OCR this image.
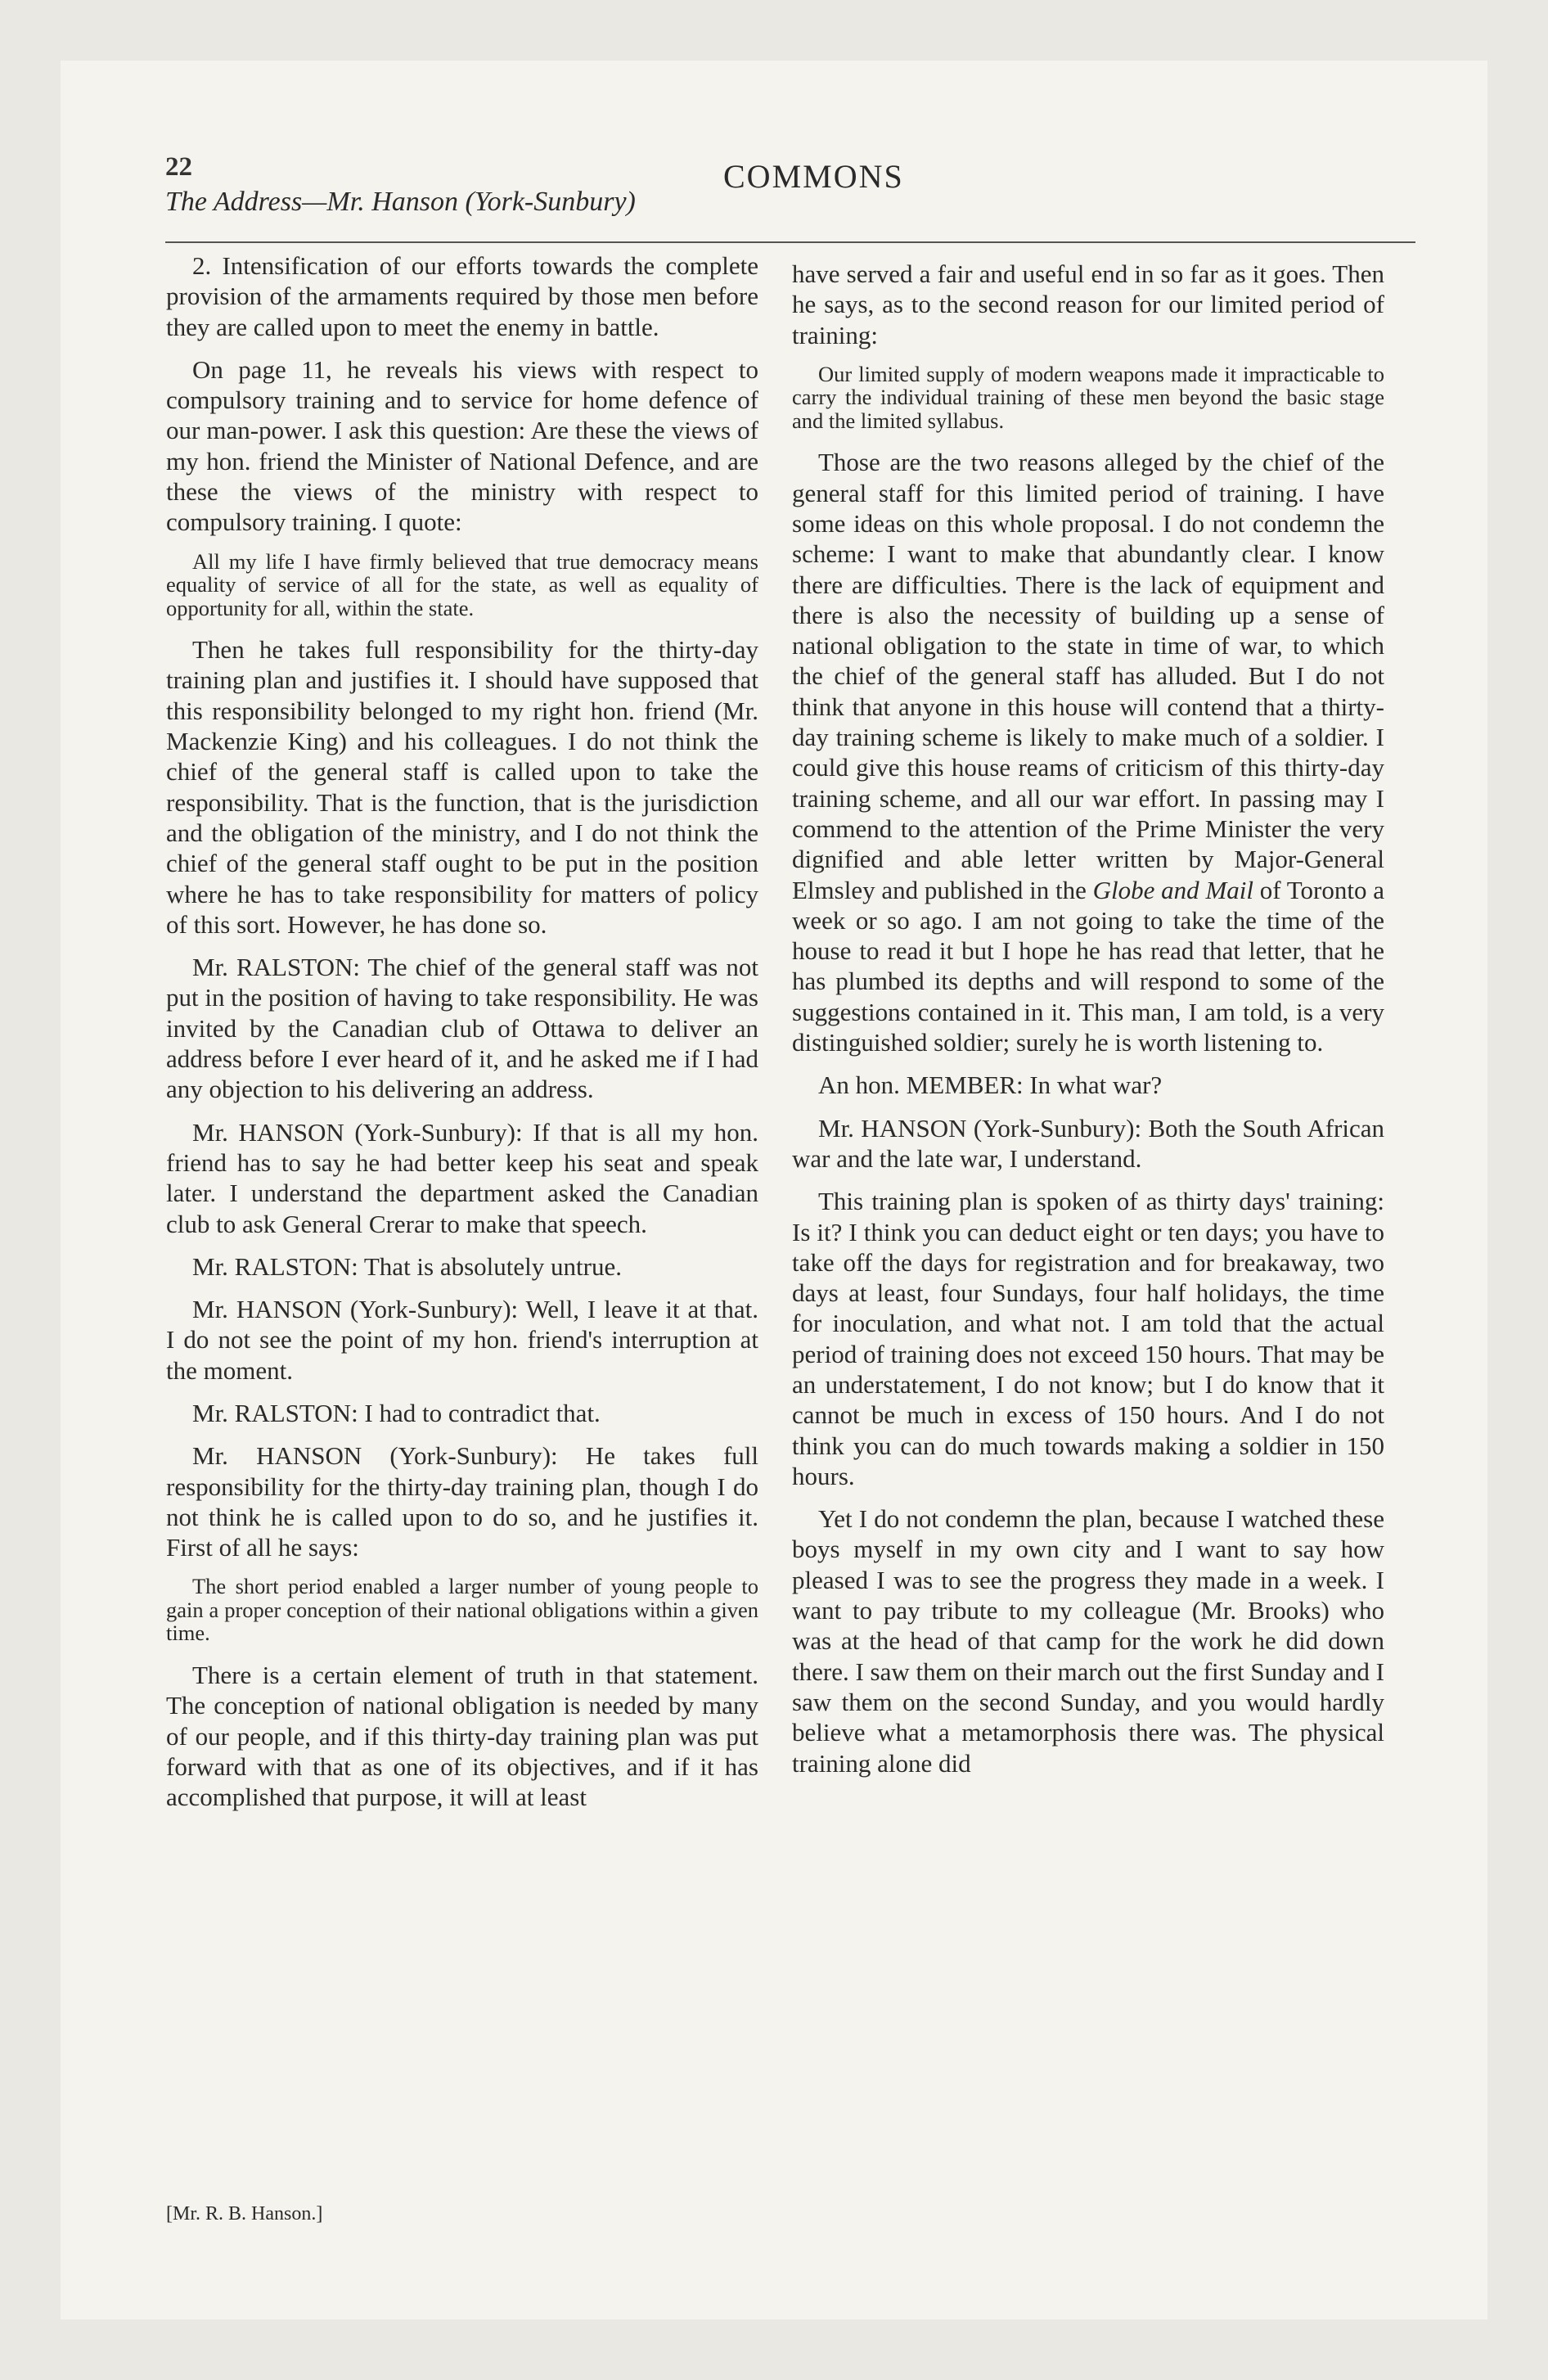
22	COMMONS
The Address—Mr. Hanson (York-Sunbury)

2. Intensification of our efforts towards the complete provision of the armaments required by those men before they are called upon to meet the enemy in battle.

On page 11, he reveals his views with respect to compulsory training and to service for home defence of our man-power. I ask this question: Are these the views of my hon. friend the Minister of National Defence, and are these the views of the ministry with respect to compulsory training. I quote:

All my life I have firmly believed that true democracy means equality of service of all for the state, as well as equality of opportunity for all, within the state.

Then he takes full responsibility for the thirty-day training plan and justifies it. I should have supposed that this responsibility belonged to my right hon. friend (Mr. Mackenzie King) and his colleagues. I do not think the chief of the general staff is called upon to take the responsibility. That is the function, that is the jurisdiction and the obligation of the ministry, and I do not think the chief of the general staff ought to be put in the position where he has to take responsibility for matters of policy of this sort. However, he has done so.

Mr. RALSTON: The chief of the general staff was not put in the position of having to take responsibility. He was invited by the Canadian club of Ottawa to deliver an address before I ever heard of it, and he asked me if I had any objection to his delivering an address.

Mr. HANSON (York-Sunbury): If that is all my hon. friend has to say he had better keep his seat and speak later. I understand the department asked the Canadian club to ask General Crerar to make that speech.

Mr. RALSTON: That is absolutely untrue.

Mr. HANSON (York-Sunbury): Well, I leave it at that. I do not see the point of my hon. friend's interruption at the moment.

Mr. RALSTON: I had to contradict that.

Mr. HANSON (York-Sunbury): He takes full responsibility for the thirty-day training plan, though I do not think he is called upon to do so, and he justifies it. First of all he says:

The short period enabled a larger number of young people to gain a proper conception of their national obligations within a given time.

There is a certain element of truth in that statement. The conception of national obligation is needed by many of our people, and if this thirty-day training plan was put forward with that as one of its objectives, and if it has accomplished that purpose, it will at least

have served a fair and useful end in so far as it goes. Then he says, as to the second reason for our limited period of training:

Our limited supply of modern weapons made it impracticable to carry the individual training of these men beyond the basic stage and the limited syllabus.

Those are the two reasons alleged by the chief of the general staff for this limited period of training. I have some ideas on this whole proposal. I do not condemn the scheme: I want to make that abundantly clear. I know there are difficulties. There is the lack of equipment and there is also the necessity of building up a sense of national obligation to the state in time of war, to which the chief of the general staff has alluded. But I do not think that anyone in this house will contend that a thirty-day training scheme is likely to make much of a soldier. I could give this house reams of criticism of this thirty-day training scheme, and all our war effort. In passing may I commend to the attention of the Prime Minister the very dignified and able letter written by Major-General Elmsley and published in the Globe and Mail of Toronto a week or so ago. I am not going to take the time of the house to read it but I hope he has read that letter, that he has plumbed its depths and will respond to some of the suggestions contained in it. This man, I am told, is a very distinguished soldier; surely he is worth listening to.

An hon. MEMBER: In what war?

Mr. HANSON (York-Sunbury): Both the South African war and the late war, I understand.

This training plan is spoken of as thirty days' training: Is it? I think you can deduct eight or ten days; you have to take off the days for registration and for breakaway, two days at least, four Sundays, four half holidays, the time for inoculation, and what not. I am told that the actual period of training does not exceed 150 hours. That may be an understatement, I do not know; but I do know that it cannot be much in excess of 150 hours. And I do not think you can do much towards making a soldier in 150 hours.

Yet I do not condemn the plan, because I watched these boys myself in my own city and I want to say how pleased I was to see the progress they made in a week. I want to pay tribute to my colleague (Mr. Brooks) who was at the head of that camp for the work he did down there. I saw them on their march out the first Sunday and I saw them on the second Sunday, and you would hardly believe what a metamorphosis there was. The physical training alone did

[Mr. R. B. Hanson.]
